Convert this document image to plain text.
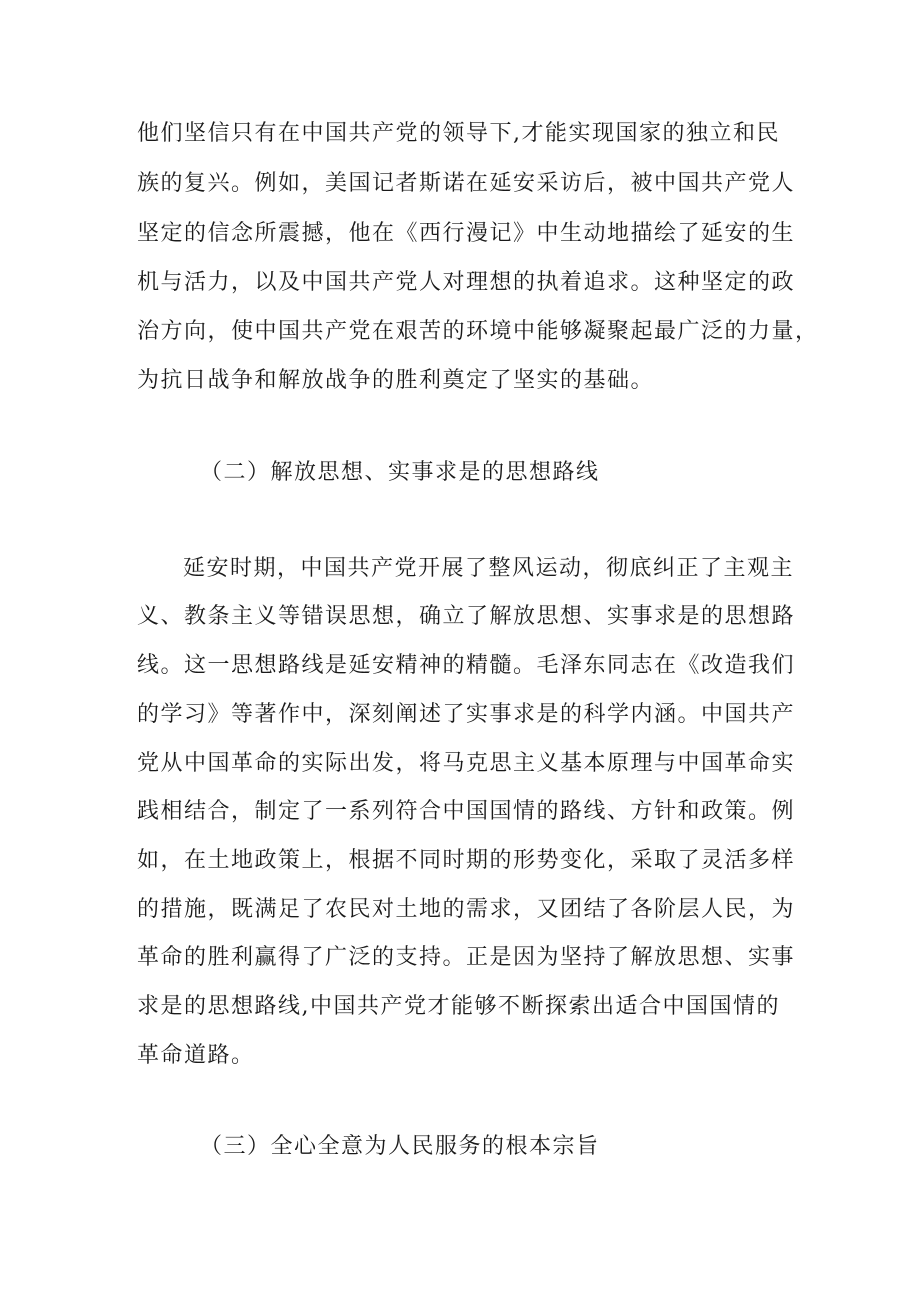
他们坚信只有在中国共产党的领导下,才能实现国家的独立和民
族的复兴。例如，美国记者斯诺在延安采访后，被中国共产党人
坚定的信念所震撼，他在《西行漫记》中生动地描绘了延安的生
机与活力，以及中国共产党人对理想的执着追求。这种坚定的政
治方向，使中国共产党在艰苦的环境中能够凝聚起最广泛的力量，
为抗日战争和解放战争的胜利奠定了坚实的基础。
（二）解放思想、实事求是的思想路线
延安时期，中国共产党开展了整风运动，彻底纠正了主观主
义、教条主义等错误思想，确立了解放思想、实事求是的思想路
线。这一思想路线是延安精神的精髓。毛泽东同志在《改造我们
的学习》等著作中，深刻阐述了实事求是的科学内涵。中国共产
党从中国革命的实际出发，将马克思主义基本原理与中国革命实
践相结合，制定了一系列符合中国国情的路线、方针和政策。例
如，在土地政策上，根据不同时期的形势变化，采取了灵活多样
的措施，既满足了农民对土地的需求，又团结了各阶层人民，为
革命的胜利赢得了广泛的支持。正是因为坚持了解放思想、实事
求是的思想路线,中国共产党才能够不断探索出适合中国国情的
革命道路。
（三）全心全意为人民服务的根本宗旨
